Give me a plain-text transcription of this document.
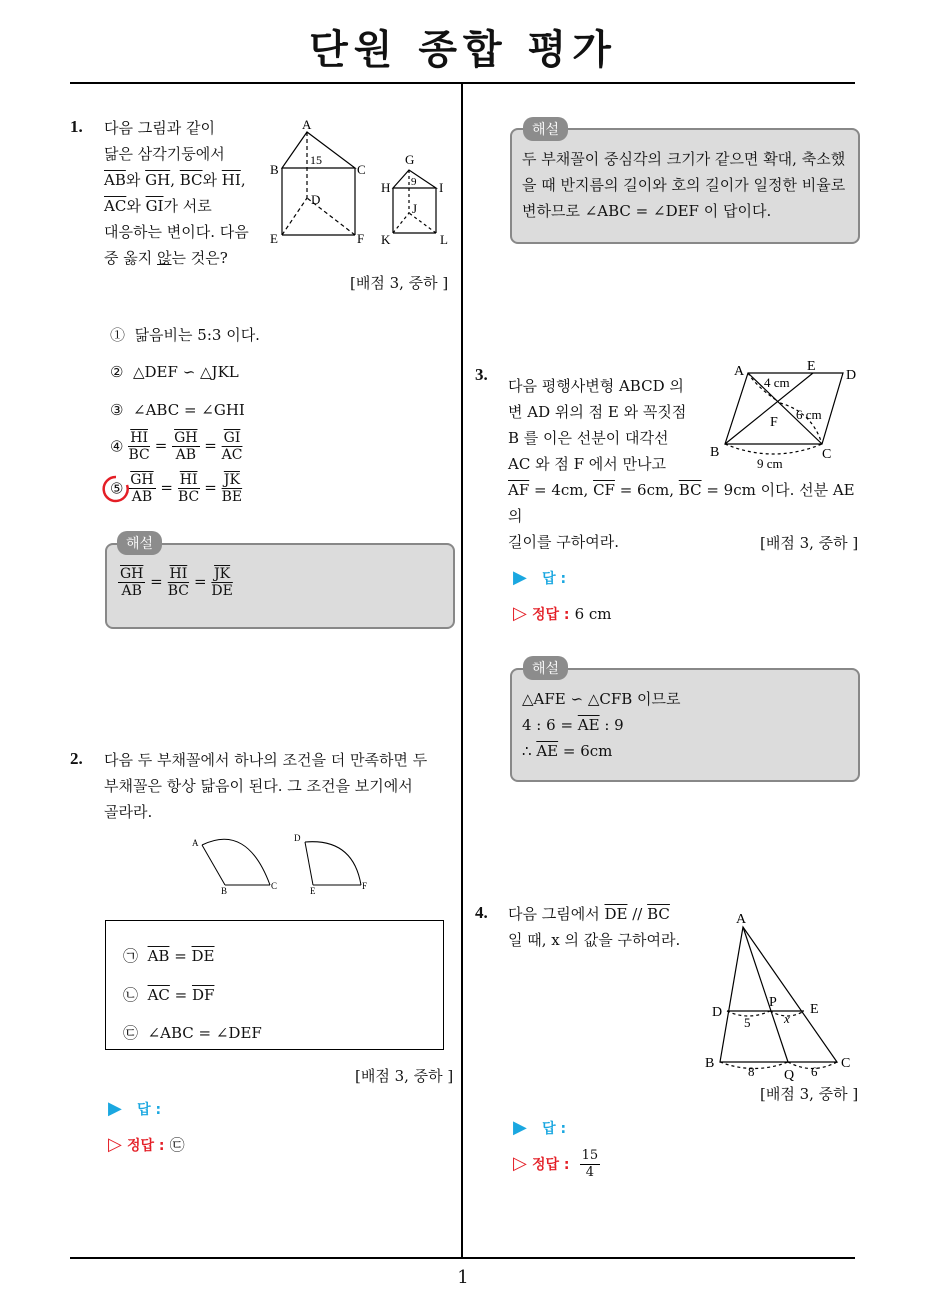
단원 종합 평가
1
1. 다음 그림과 같이
닮은 삼각기둥에서
$\overline{AB}$와 $\overline{GH}$, $\overline{BC}$와 $\overline{HI}$,
$\overline{AC}$와 $\overline{GI}$가 서로
대응하는 변이다. 다음
중 옳지 않는 것은?
A
B	C
D
E	F
15	G
H	I
J
K	L
9
[배점 3, 중하 ]
① 닮음비는 5:3 이다.
② △DEF ∽ △JKL
③ ∠ABC = ∠GHI
④ $\frac{\overline{HI}}{BC} = \frac{\overline{GH}}{AB} = \frac{\overline{GI}}{AC}$
⑤ $\frac{\overline{GH}}{AB} = \frac{\overline{HI}}{BC} = \frac{\overline{JK}}{BE}$
해설
$\frac{\overline{GH}}{AB} = \frac{\overline{HI}}{BC} = \frac{\overline{JK}}{DE}$
2. 다음 두 부채꼴에서 하나의 조건을 더 만족하면 두
부채꼴은 항상 닮음이 된다. 그 조건을 보기에서
골라라.
A
B	C
D
E	F
㉠ $\overline{AB} = \overline{DE}$
㉡ $\overline{AC} = \overline{DF}$
㉢ ∠ABC = ∠DEF
[배점 3, 중하 ]
▶ 답 :
▷ 정답 : ㉢
해설
두 부채꼴이 중심각의 크기가 같으면 확대, 축소했
을 때 반지름의 길이와 호의 길이가 일정한 비율로
변하므로 ∠ABC = ∠DEF 이 답이다.
3.
다음 평행사변형 ABCD 의
변 AD 위의 점 E 와 꼭짓점
B 를 이은 선분이 대각선
AC 와 점 F 에서 만나고
$\overline{AF} = 4cm$, $\overline{CF} = 6cm$, $\overline{BC} = 9cm$ 이다. 선분 AE 의
길이를 구하여라.
A	E
D
F
B	C
4 cm
6 cm
9 cm
[배점 3, 중하 ]
▶ 답 :
▷ 정답 : 6 cm
해설
△AFE ∽ △CFB 이므로
4 : $6 = \overline{AE}$ : 9
∴ $\overline{AE} = 6cm$
4. 다음 그림에서 $\overline{DE} // \overline{BC}$
일 때, x 의 값을 구하여라.
A
D	E
P
B	C
Q
5	x
8	6
[배점 3, 중하 ]
▶ 답 :
▷ 정답 : $\frac{15}{4}$
